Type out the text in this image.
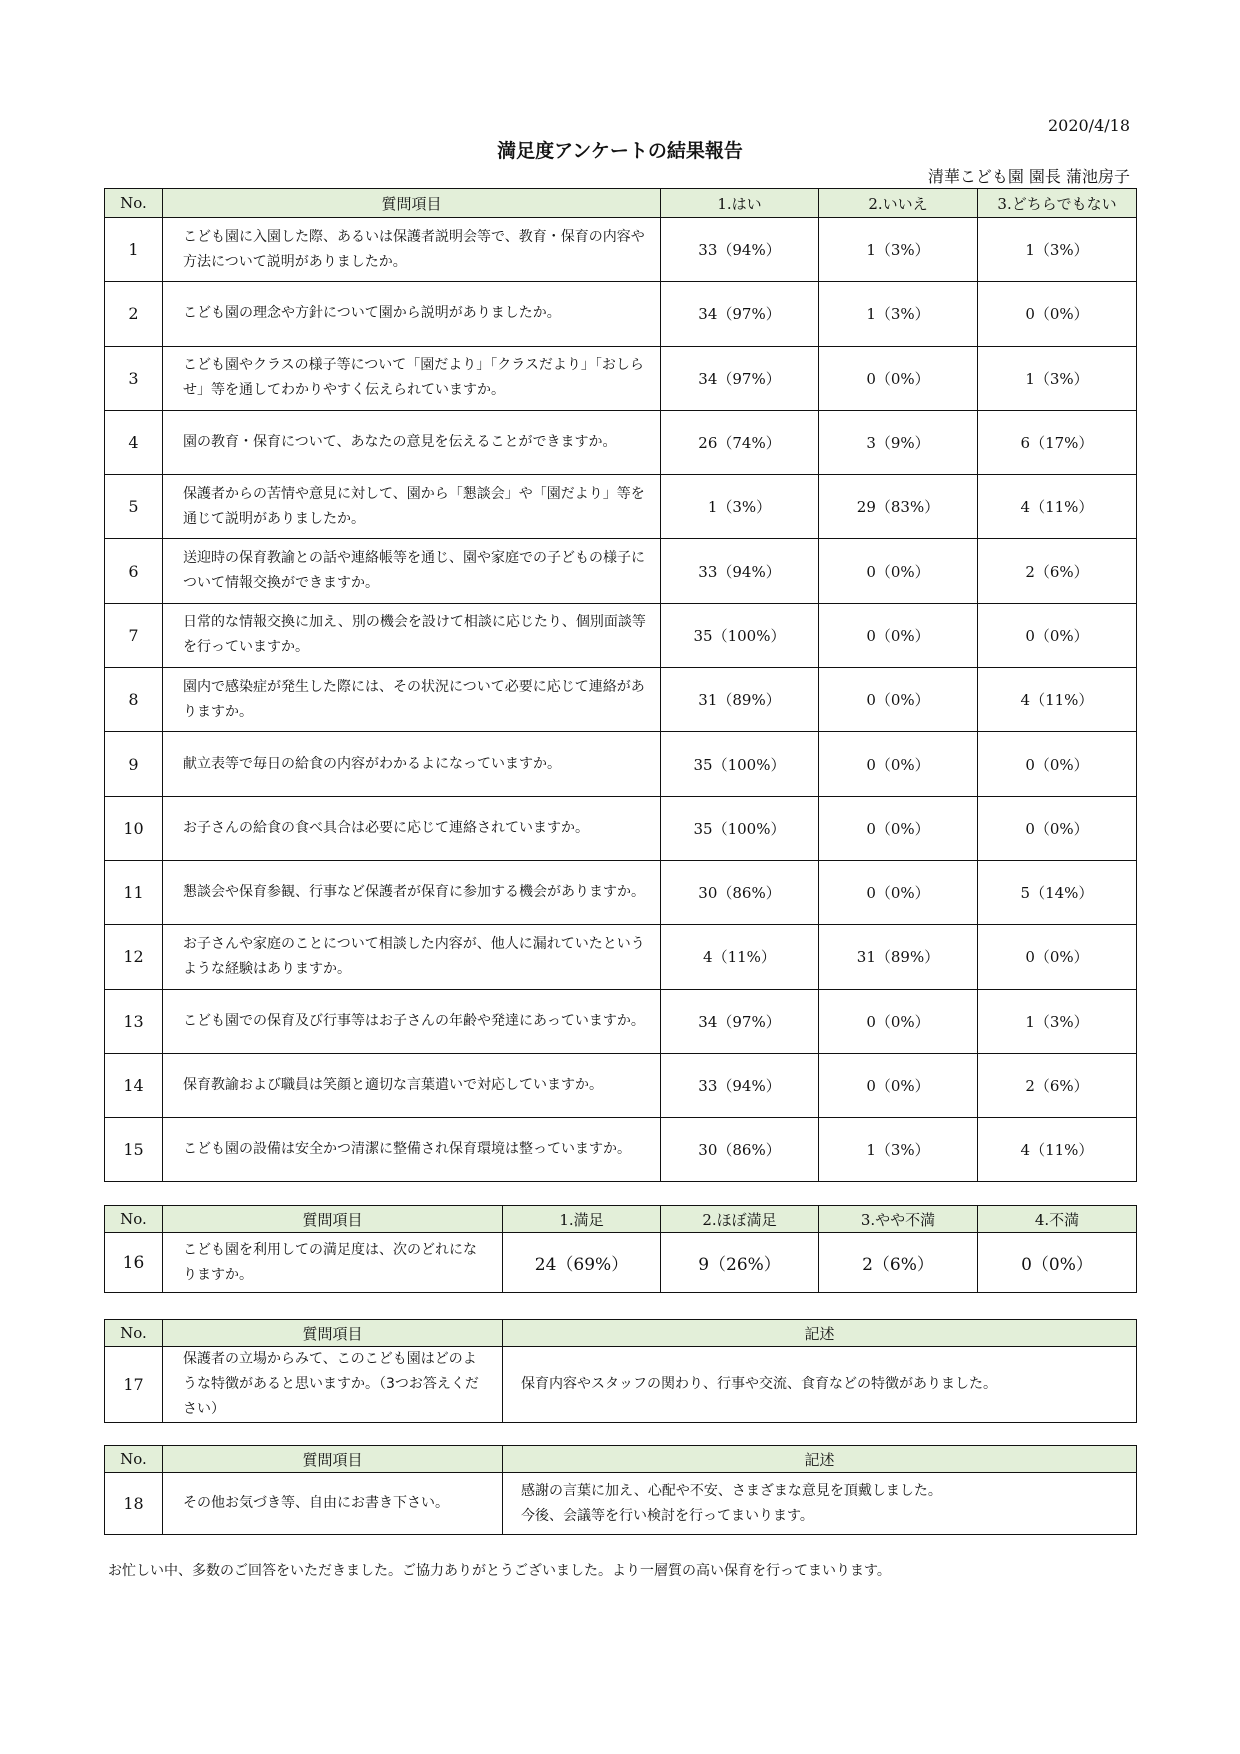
2020/4/18
満足度アンケートの結果報告
清華こども園 園長 蒲池房子
No.	質問項目	1.はい	2.いいえ	3.どちらでもない
1	こども園に入園した際、あるいは保護者説明会等で、教育・保育の内容や方法について説明がありましたか。	33（94%）	1（3%）	1（3%）
2	こども園の理念や方針について園から説明がありましたか。	34（97%）	1（3%）	0（0%）
3	こども園やクラスの様子等について「園だより」「クラスだより」「おしらせ」等を通してわかりやすく伝えられていますか。	34（97%）	0（0%）	1（3%）
4	園の教育・保育について、あなたの意見を伝えることができますか。	26（74%）	3（9%）	6（17%）
5	保護者からの苦情や意見に対して、園から「懇談会」や「園だより」等を通じて説明がありましたか。	1（3%）	29（83%）	4（11%）
6	送迎時の保育教諭との話や連絡帳等を通じ、園や家庭での子どもの様子について情報交換ができますか。	33（94%）	0（0%）	2（6%）
7	日常的な情報交換に加え、別の機会を設けて相談に応じたり、個別面談等を行っていますか。	35（100%）	0（0%）	0（0%）
8	園内で感染症が発生した際には、その状況について必要に応じて連絡がありますか。	31（89%）	0（0%）	4（11%）
9	献立表等で毎日の給食の内容がわかるよになっていますか。	35（100%）	0（0%）	0（0%）
10	お子さんの給食の食べ具合は必要に応じて連絡されていますか。	35（100%）	0（0%）	0（0%）
11	懇談会や保育参観、行事など保護者が保育に参加する機会がありますか。	30（86%）	0（0%）	5（14%）
12	お子さんや家庭のことについて相談した内容が、他人に漏れていたというような経験はありますか。	4（11%）	31（89%）	0（0%）
13	こども園での保育及び行事等はお子さんの年齢や発達にあっていますか。	34（97%）	0（0%）	1（3%）
14	保育教諭および職員は笑顔と適切な言葉遣いで対応していますか。	33（94%）	0（0%）	2（6%）
15	こども園の設備は安全かつ清潔に整備され保育環境は整っていますか。	30（86%）	1（3%）	4（11%）
No.	質問項目	1.満足	2.ほぼ満足	3.やや不満	4.不満
16	こども園を利用しての満足度は、次のどれになりますか。	24（69%）	9（26%）	2（6%）	0（0%）
No.	質問項目	記述
17	保護者の立場からみて、このこども園はどのような特徴があると思いますか。（3つお答えください）	保育内容やスタッフの関わり、行事や交流、食育などの特徴がありました。
No.	質問項目	記述
18	その他お気づき等、自由にお書き下さい。	感謝の言葉に加え、心配や不安、さまざまな意見を頂戴しました。
今後、会議等を行い検討を行ってまいります。
お忙しい中、多数のご回答をいただきました。ご協力ありがとうございました。より一層質の高い保育を行ってまいります。
